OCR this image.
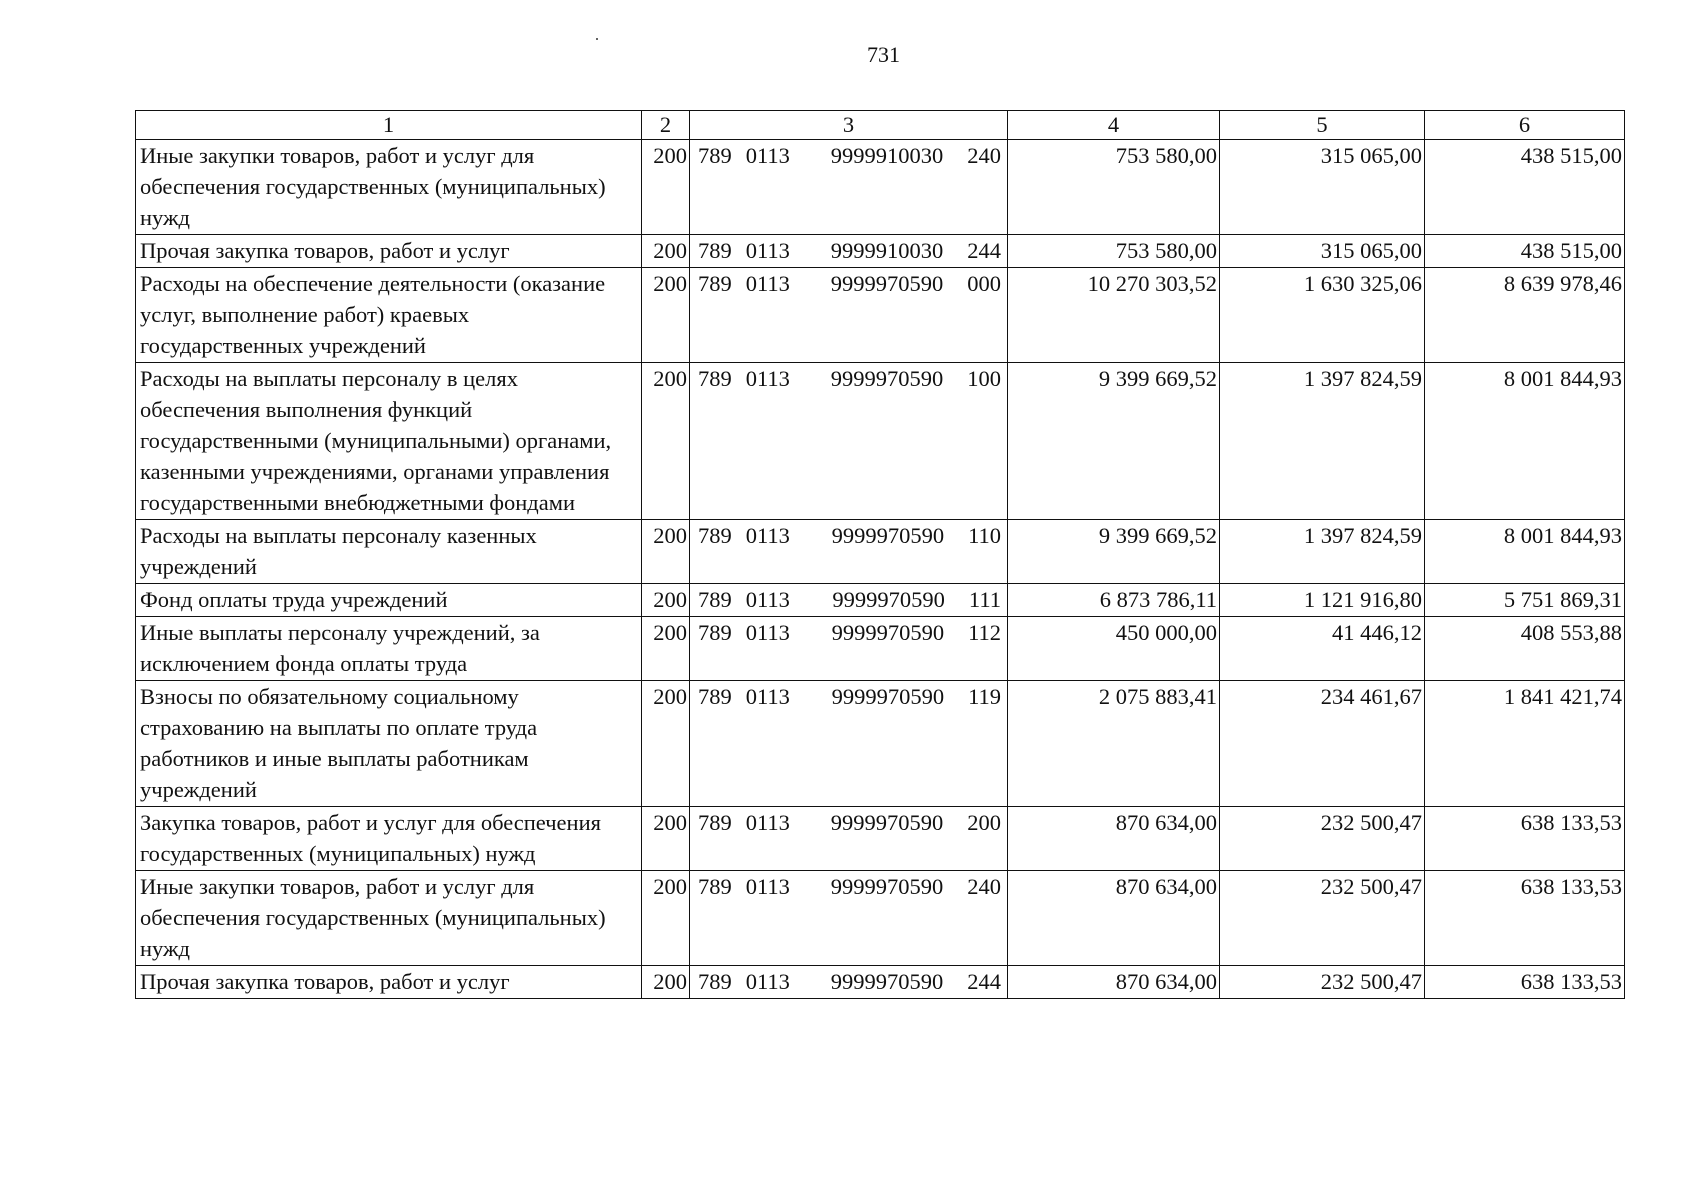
731
1	2	3	4	5	6
Иные закупки товаров, работ и услуг для обеспечения государственных (муниципальных) нужд	200	789 0113 9999910030 240	753 580,00	315 065,00	438 515,00
Прочая закупка товаров, работ и услуг	200	789 0113 9999910030 244	753 580,00	315 065,00	438 515,00
Расходы на обеспечение деятельности (оказание услуг, выполнение работ) краевых государственных учреждений	200	789 0113 9999970590 000	10 270 303,52	1 630 325,06	8 639 978,46
Расходы на выплаты персоналу в целях обеспечения выполнения функций государственными (муниципальными) органами, казенными учреждениями, органами управления государственными внебюджетными фондами	200	789 0113 9999970590 100	9 399 669,52	1 397 824,59	8 001 844,93
Расходы на выплаты персоналу казенных учреждений	200	789 0113 9999970590 110	9 399 669,52	1 397 824,59	8 001 844,93
Фонд оплаты труда учреждений	200	789 0113 9999970590 111	6 873 786,11	1 121 916,80	5 751 869,31
Иные выплаты персоналу учреждений, за исключением фонда оплаты труда	200	789 0113 9999970590 112	450 000,00	41 446,12	408 553,88
Взносы по обязательному социальному страхованию на выплаты по оплате труда работников и иные выплаты работникам учреждений	200	789 0113 9999970590 119	2 075 883,41	234 461,67	1 841 421,74
Закупка товаров, работ и услуг для обеспечения государственных (муниципальных) нужд	200	789 0113 9999970590 200	870 634,00	232 500,47	638 133,53
Иные закупки товаров, работ и услуг для обеспечения государственных (муниципальных) нужд	200	789 0113 9999970590 240	870 634,00	232 500,47	638 133,53
Прочая закупка товаров, работ и услуг	200	789 0113 9999970590 244	870 634,00	232 500,47	638 133,53
